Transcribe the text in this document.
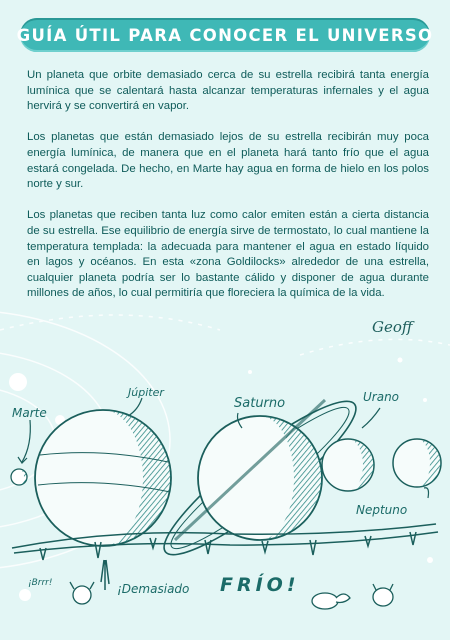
GUÍA ÚTIL PARA CONOCER EL UNIVERSO

Un planeta que orbite demasiado cerca de su estrella recibirá tanta energía lumínica que se calentará hasta alcanzar temperaturas infernales y el agua hervirá y se convertirá en vapor.

Los planetas que están demasiado lejos de su estrella recibirán muy poca energía lumínica, de manera que en el planeta hará tanto frío que el agua estará congelada. De hecho, en Marte hay agua en forma de hielo en los polos norte y sur.

Los planetas que reciben tanta luz como calor emiten están a cierta distancia de su estrella. Ese equilibrio de energía sirve de termostato, lo cual mantiene la temperatura templada: la adecuada para mantener el agua en estado líquido en lagos y océanos. En esta «zona Goldilocks» alrededor de una estrella, cualquier planeta podría ser lo bastante cálido y disponer de agua durante millones de años, lo cual permitiría que floreciera la química de la vida.

Geoff
Marte
Júpiter
Saturno	Urano
Neptuno
¡Brrr!	¡Demasiado FRÍO!
